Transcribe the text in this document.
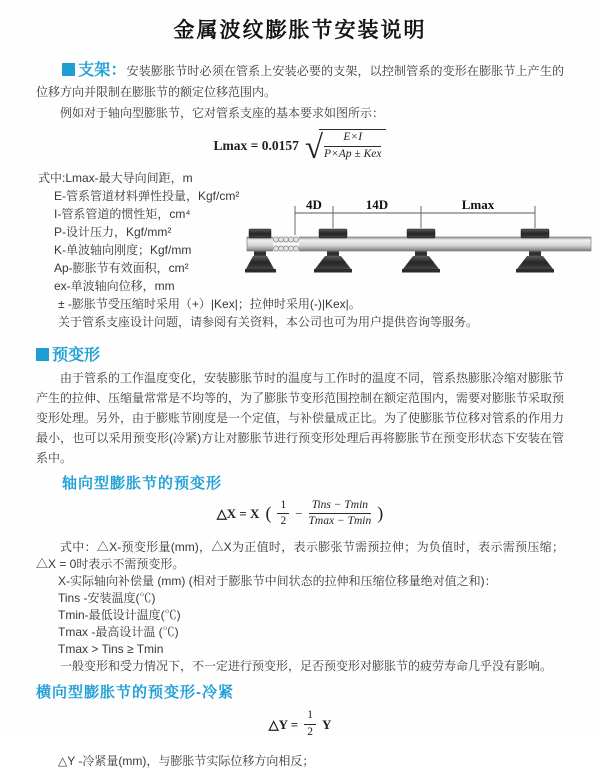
金属波纹膨胀节安装说明

支架：安装膨胀节时必须在管系上安装必要的支架，以控制管系的变形在膨胀节上产生的位移方向并限制在膨胀节的额定位移范围内。

例如对于轴向型膨胀节，它对管系支座的基本要求如图所示：

Lmax = 0.0157 √ $\frac{E\times I}{\text{P×Ap ± Kex}}$
式中:Lmax-最大导向间距，m
E-管系管道材料弹性投量，Kgf/cm²
I-管系管道的惯性矩，cm⁴
P-设计压力，Kgf/mm²
K-单波轴向刚度；Kgf/mm
Ap-膨胀节有效面积，cm²
ex-单波轴向位移，mm

± -膨胀节受压缩时采用（+）|Kex|；拉伸时采用(-)|Kex|。

关于管系支座设计问题，请参阅有关资料，本公司也可为用户提供咨询等服务。

4D	14D	Lmax
预变形

由于管系的工作温度变化，安装膨胀节时的温度与工作时的温度不同，管系热膨胀冷缩对膨胀节产生的拉伸、压缩量常常是不均等的，为了膨胀节变形范围控制在额定范围内，需要对膨胀节采取预变形处理。另外，由于膨账节刚度是一个定值，与补偿量成正比。为了使膨胀节位移对管系的作用力最小，也可以采用预变形(冷紧)方让对膨胀节进行预变形处理后再将膨胀节在预变形状态下安装在管系中。

轴向型膨胀节的预变形
△X = X ( $\frac{1}{2} - \frac{\text{Tins − Tmin}}{Tmax - Tmin}$ )

式中：△X-预变形量(mm)，△X为正值时，表示膨张节需预拉伸；为负值时，表示需预压缩；△X = 0时表示不需预变形。

X-实际轴向补偿量 (mm) (相对于膨胀节中间状态的拉伸和压缩位移量绝对值之和)：
Tins -安装温度(℃)
Tmin-最低设计温度(℃)
Tmax -最高设计温 (℃)
Tmax > Tins ≥ Tmin

一般变形和受力情况下，不一定进行预变形，足否预变形对膨胀节的疲劳寿命几乎没有影响。

横向型膨胀节的预变形-冷紧
△Y = $\frac{1}{2}$ Y

△Y -冷紧量(mm)，与膨胀节实际位移方向相反；
